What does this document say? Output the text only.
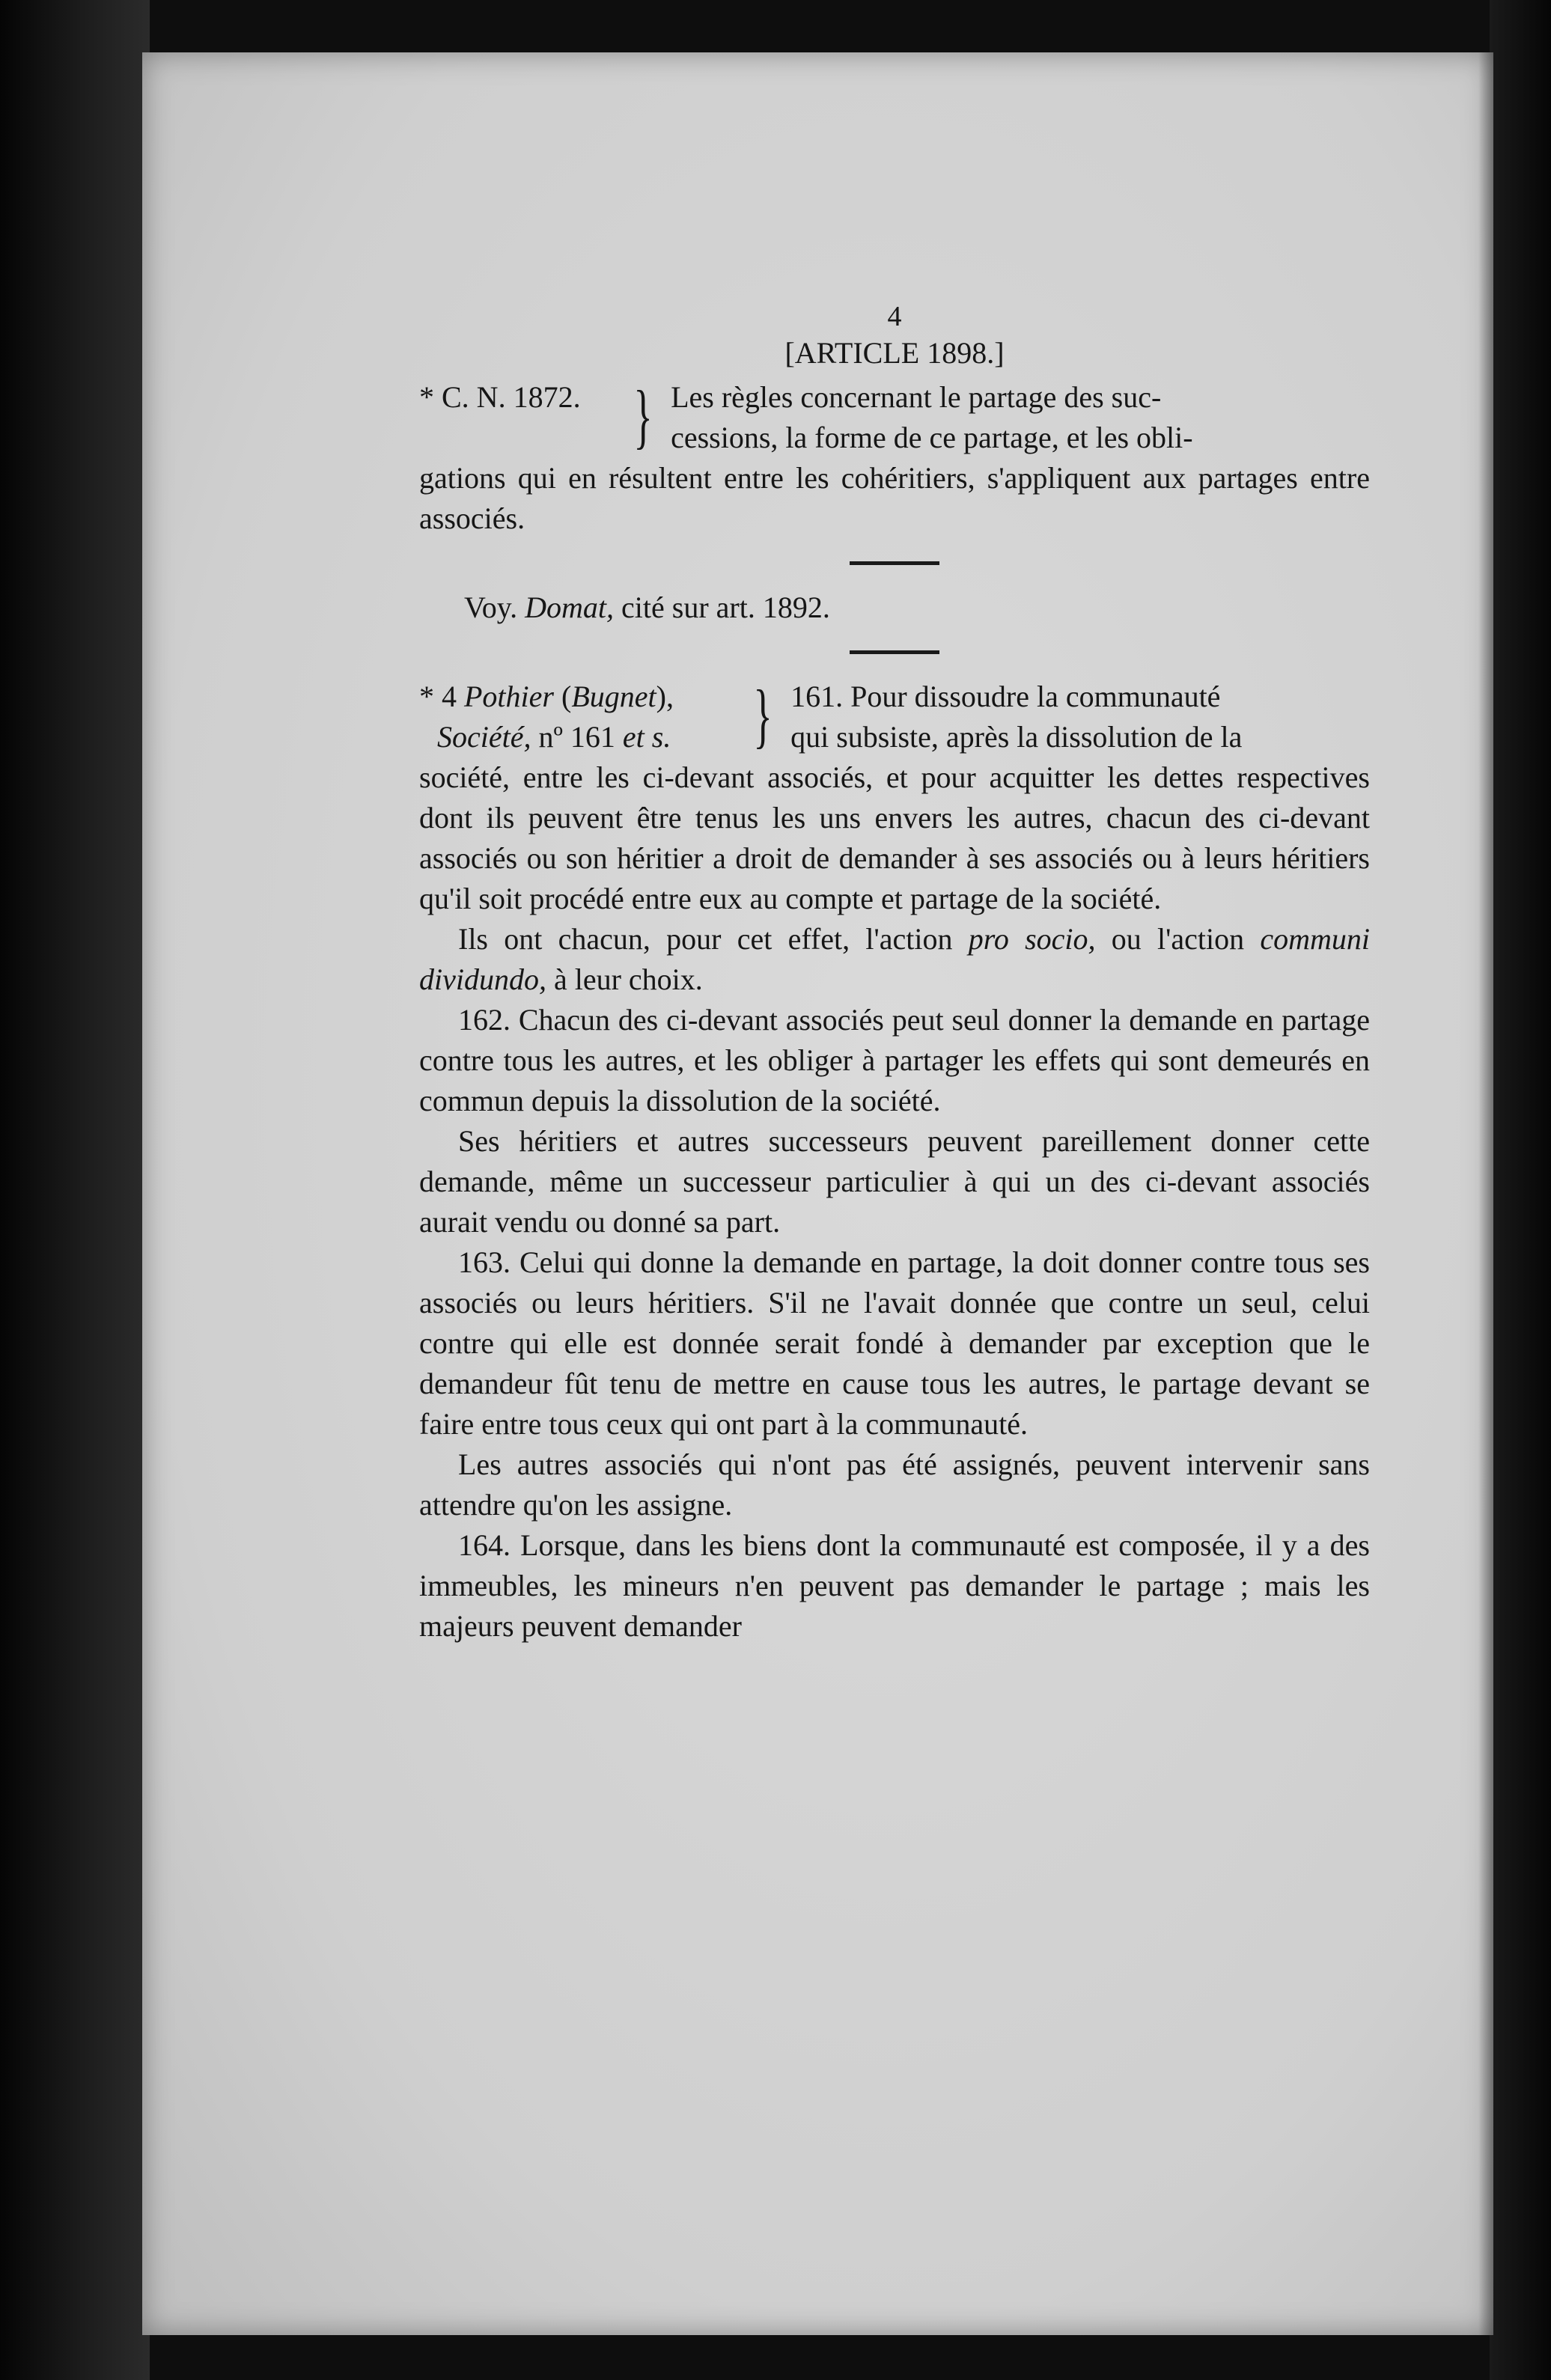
4
[ARTICLE 1898.]
* C. N. 1872. } Les règles concernant le partage des suc-
cessions, la forme de ce partage, et les obli-

gations qui en résultent entre les cohéritiers, s'appliquent aux partages entre associés.

Voy. Domat, cité sur art. 1892.

* 4 Pothier (Bugnet),
Société, nº 161 et s.	} 161. Pour dissoudre la communauté
qui subsiste, après la dissolution de la

société, entre les ci-devant associés, et pour acquitter les dettes respectives dont ils peuvent être tenus les uns envers les autres, chacun des ci-devant associés ou son héritier a droit de demander à ses associés ou à leurs héritiers qu'il soit procédé entre eux au compte et partage de la société.

Ils ont chacun, pour cet effet, l'action pro socio, ou l'action communi dividundo, à leur choix.

162. Chacun des ci-devant associés peut seul donner la demande en partage contre tous les autres, et les obliger à partager les effets qui sont demeurés en commun depuis la dissolution de la société.

Ses héritiers et autres successeurs peuvent pareillement donner cette demande, même un successeur particulier à qui un des ci-devant associés aurait vendu ou donné sa part.

163. Celui qui donne la demande en partage, la doit donner contre tous ses associés ou leurs héritiers. S'il ne l'avait donnée que contre un seul, celui contre qui elle est donnée serait fondé à demander par exception que le demandeur fût tenu de mettre en cause tous les autres, le partage devant se faire entre tous ceux qui ont part à la communauté.

Les autres associés qui n'ont pas été assignés, peuvent intervenir sans attendre qu'on les assigne.

164. Lorsque, dans les biens dont la communauté est composée, il y a des immeubles, les mineurs n'en peuvent pas demander le partage ; mais les majeurs peuvent demander
